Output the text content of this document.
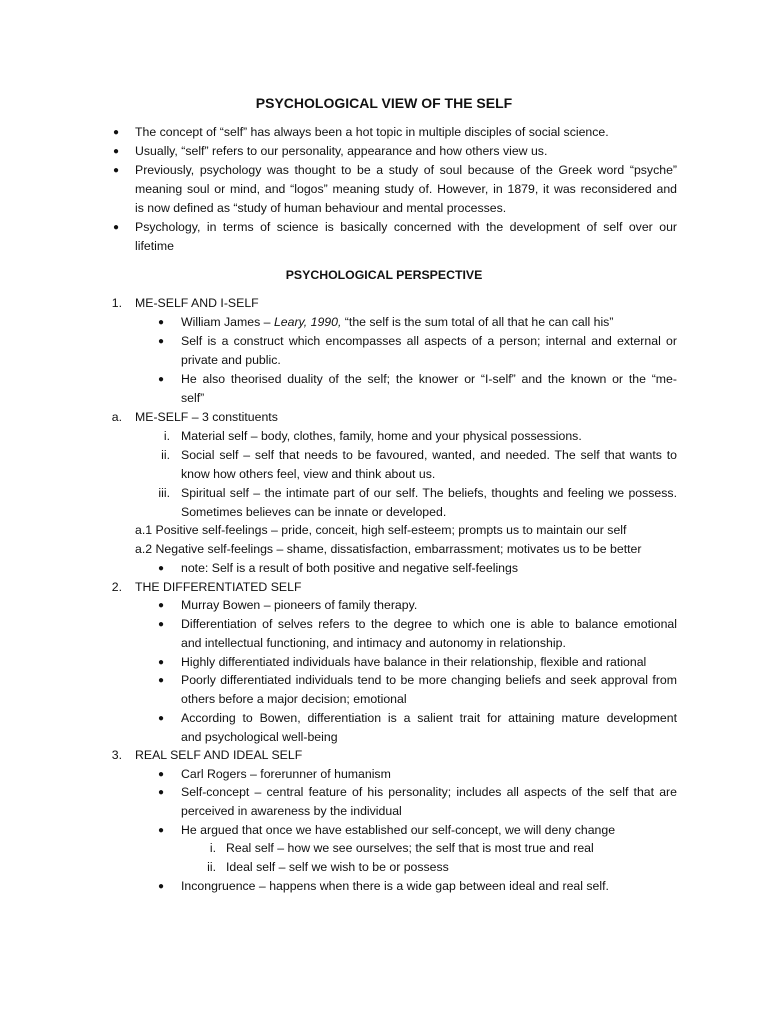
PSYCHOLOGICAL VIEW OF THE SELF
● The concept of “self” has always been a hot topic in multiple disciples of social science.
● Usually, “self” refers to our personality, appearance and how others view us.
● Previously, psychology was thought to be a study of soul because of the Greek word “psyche”
meaning soul or mind, and “logos” meaning study of. However, in 1879, it was reconsidered and
is now defined as “study of human behaviour and mental processes.
● Psychology, in terms of science is basically concerned with the development of self over our
lifetime
PSYCHOLOGICAL PERSPECTIVE
1. ME-SELF AND I-SELF
● William James – Leary, 1990, “the self is the sum total of all that he can call his”
● Self is a construct which encompasses all aspects of a person; internal and external or
private and public.
● He also theorised duality of the self; the knower or “I-self” and the known or the “me-
self”
a. ME-SELF – 3 constituents
i. Material self – body, clothes, family, home and your physical possessions.
ii. Social self – self that needs to be favoured, wanted, and needed. The self that wants to
know how others feel, view and think about us.
iii. Spiritual self – the intimate part of our self. The beliefs, thoughts and feeling we possess.
Sometimes believes can be innate or developed.
a.1 Positive self-feelings – pride, conceit, high self-esteem; prompts us to maintain our self
a.2 Negative self-feelings – shame, dissatisfaction, embarrassment; motivates us to be better
● note: Self is a result of both positive and negative self-feelings
2. THE DIFFERENTIATED SELF
● Murray Bowen – pioneers of family therapy.
● Differentiation of selves refers to the degree to which one is able to balance emotional
and intellectual functioning, and intimacy and autonomy in relationship.
● Highly differentiated individuals have balance in their relationship, flexible and rational
● Poorly differentiated individuals tend to be more changing beliefs and seek approval from
others before a major decision; emotional
● According to Bowen, differentiation is a salient trait for attaining mature development
and psychological well-being
3. REAL SELF AND IDEAL SELF
● Carl Rogers – forerunner of humanism
● Self-concept – central feature of his personality; includes all aspects of the self that are
perceived in awareness by the individual
● He argued that once we have established our self-concept, we will deny change
i. Real self – how we see ourselves; the self that is most true and real
ii. Ideal self – self we wish to be or possess
● Incongruence – happens when there is a wide gap between ideal and real self.
